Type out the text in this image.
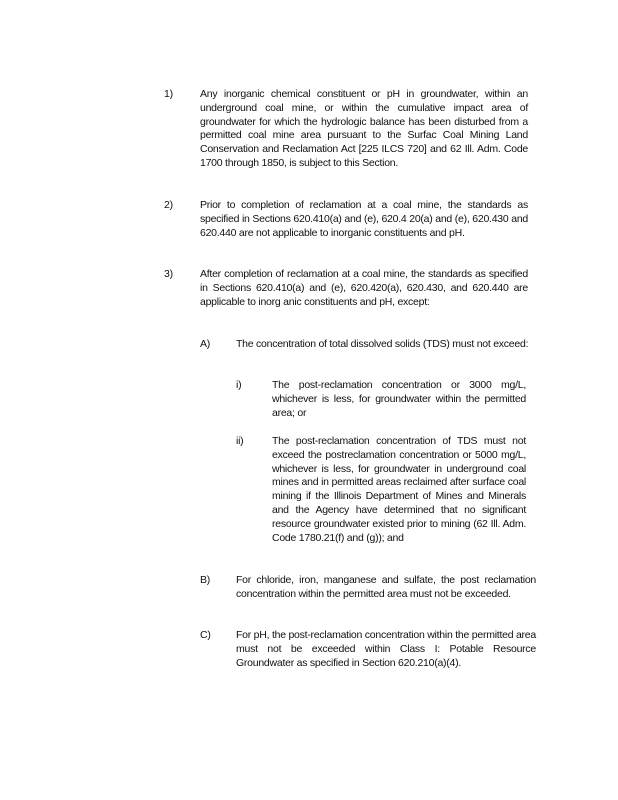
1)	Any inorganic chemical constituent or pH in groundwater, within an underground coal mine, or within the cumulative impact area of groundwater for which the hydrologic balance has been disturbed from a permitted coal mine area pursuant to the Surfac Coal Mining Land Conservation and Reclamation Act [225 ILCS 720] and 62 Ill. Adm. Code 1700 through 1850, is subject to this Section.
2)	Prior to completion of reclamation at a coal mine, the standards as specified in Sections 620.410(a) and (e), 620.4 20(a) and (e), 620.430 and 620.440 are not applicable to inorganic constituents and pH.
3)	After completion of reclamation at a coal mine, the standards as specified in Sections 620.410(a) and (e), 620.420(a), 620.430, and 620.440 are applicable to inorg anic constituents and pH, except:
A) The concentration of total dissolved solids (TDS) must not exceed:
i)	The post-reclamation concentration or 3000 mg/L, whichever is less, for groundwater within the permitted area; or
ii)	The post-reclamation concentration of TDS must not exceed the postreclamation concentration or 5000 mg/L, whichever is less, for groundwater in underground coal mines and in permitted areas reclaimed after surface coal mining if the Illinois Department of Mines and Minerals and the Agency have determined that no significant resource groundwater existed prior to mining (62 Ill. Adm. Code 1780.21(f) and (g)); and
B) For chloride, iron, manganese and sulfate, the post reclamation concentration within the permitted area must not be exceeded.
C) For pH, the post-reclamation concentration within the permitted area must not be exceeded within Class I: Potable Resource Groundwater as specified in Section 620.210(a)(4).
